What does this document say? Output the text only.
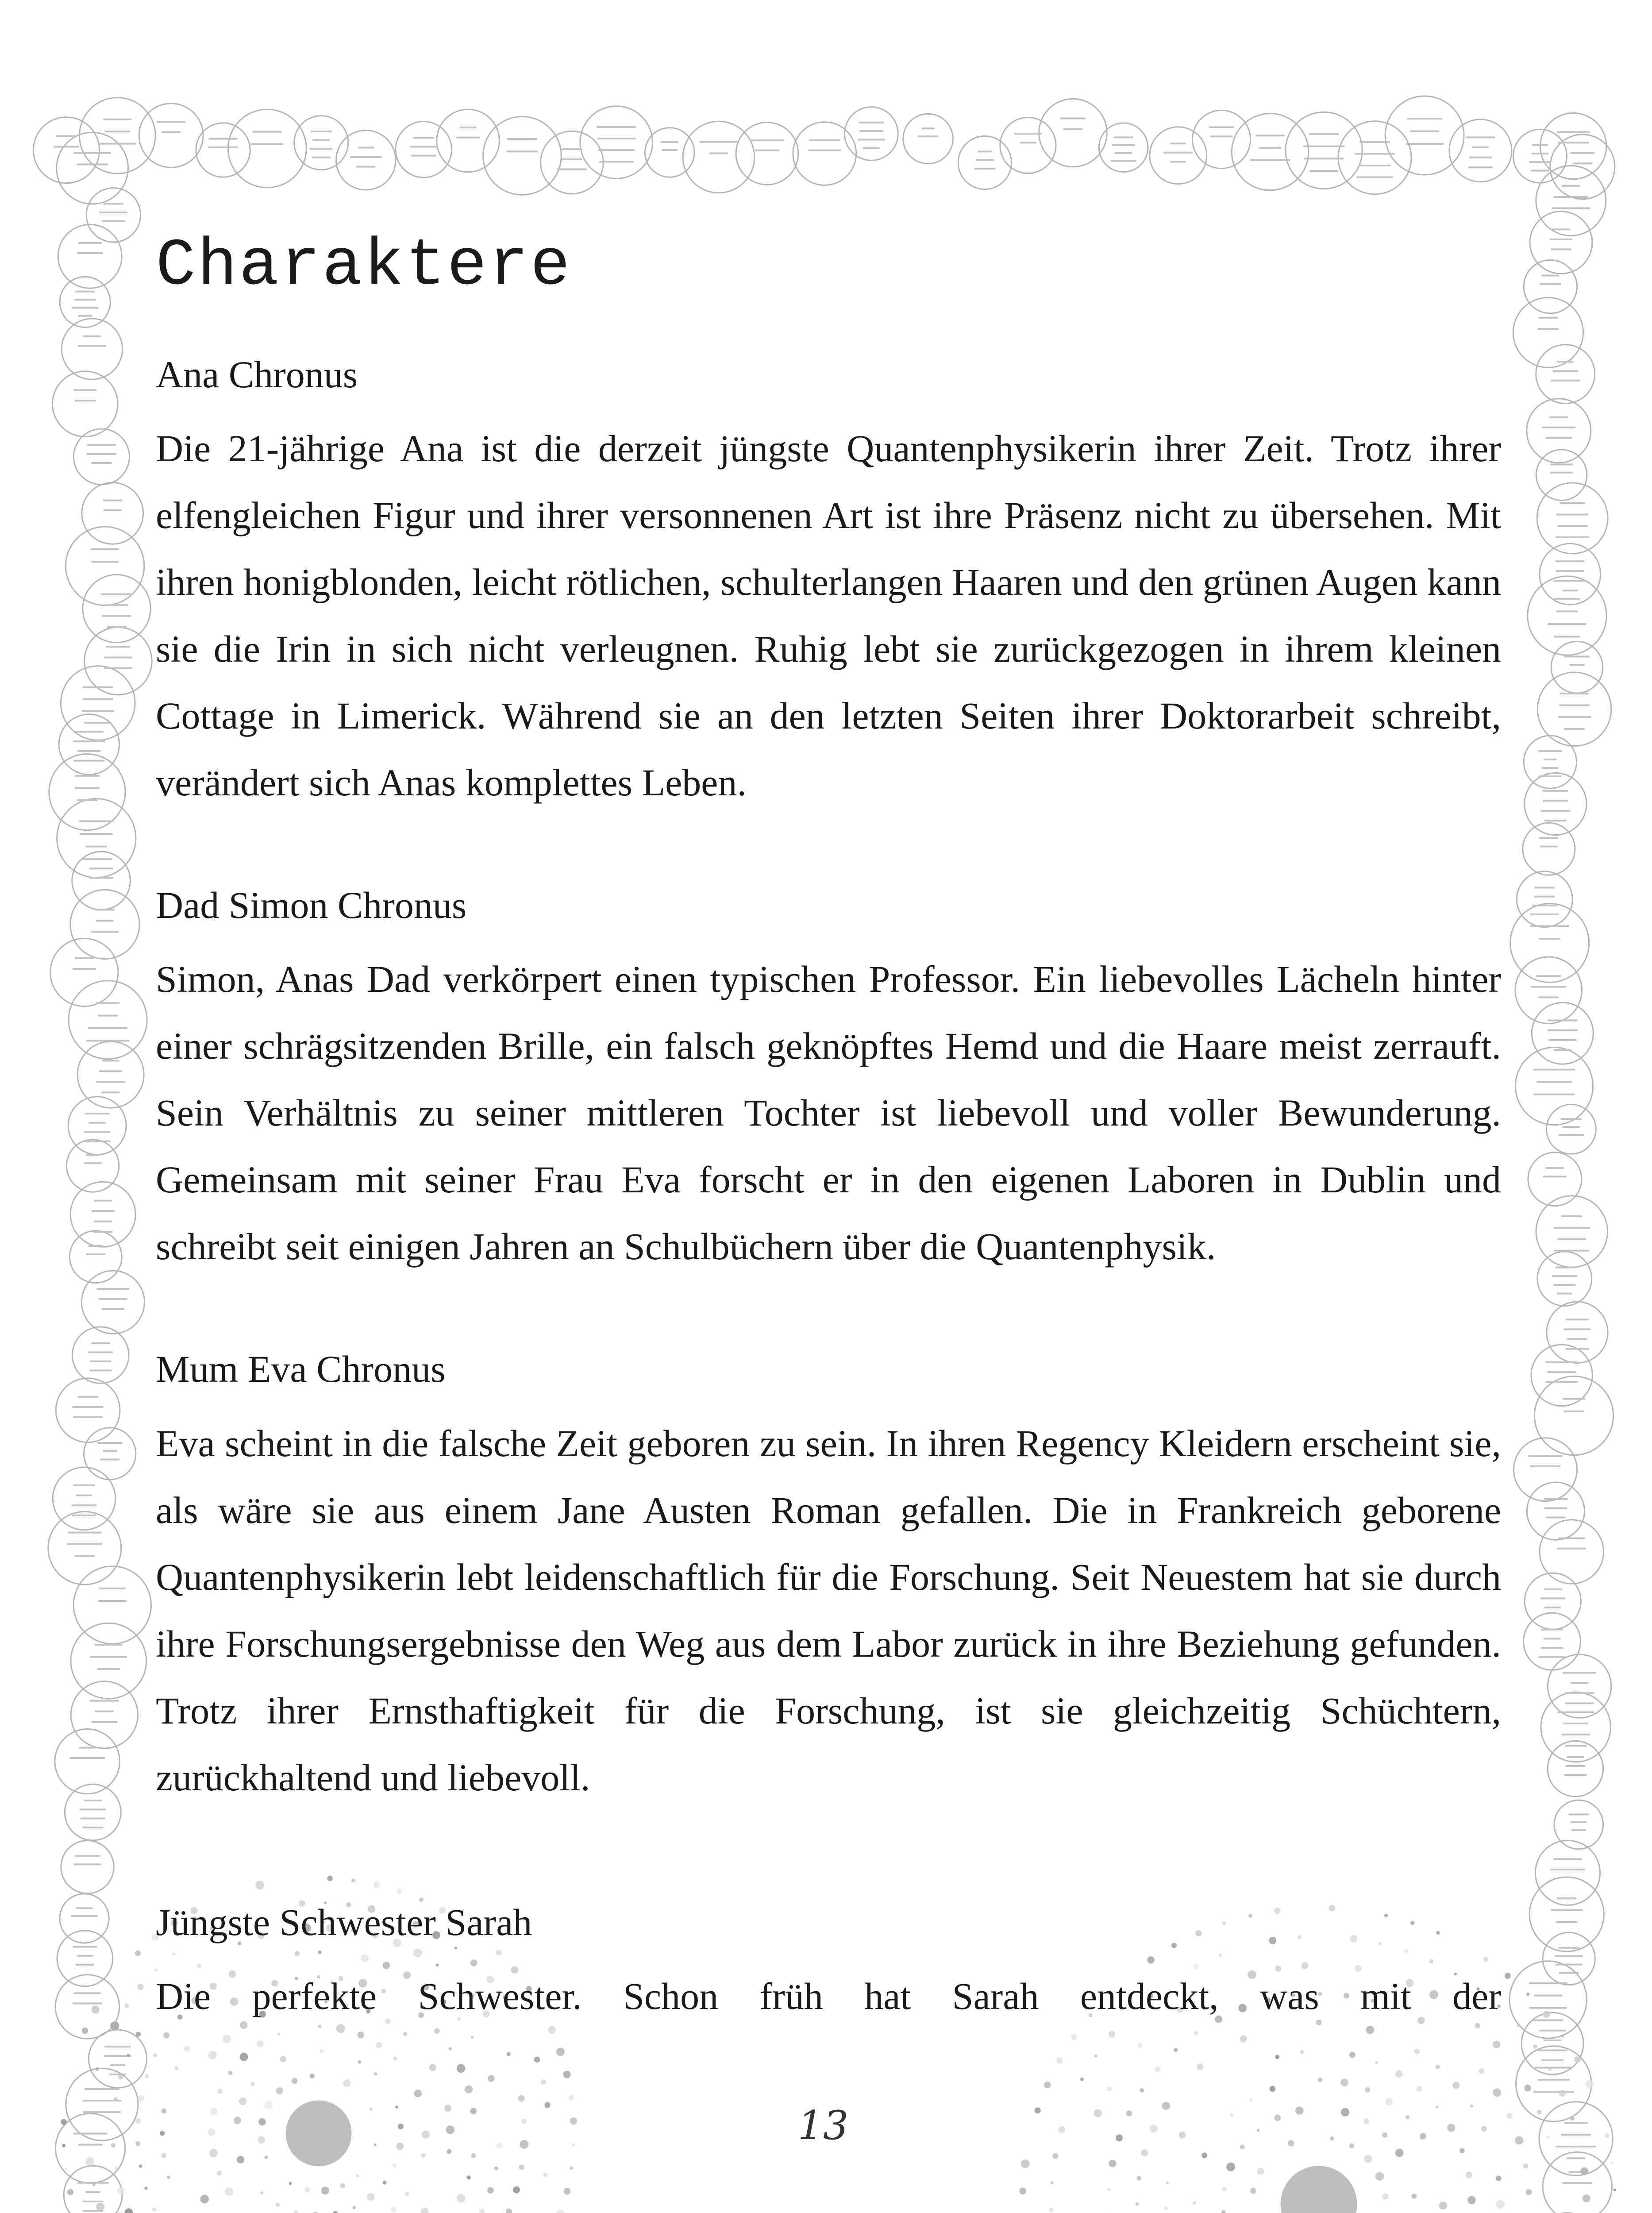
Charaktere

Ana Chronus

Die 21-jährige Ana ist die derzeit jüngste Quantenphysikerin ihrer Zeit. Trotz ihrer elfengleichen Figur und ihrer versonnenen Art ist ihre Präsenz nicht zu übersehen. Mit ihren honigblonden, leicht rötlichen, schulterlangen Haaren und den grünen Augen kann sie die Irin in sich nicht verleugnen. Ruhig lebt sie zurückgezogen in ihrem kleinen Cottage in Limerick. Während sie an den letzten Seiten ihrer Doktorarbeit schreibt, verändert sich Anas komplettes Leben.

Dad Simon Chronus

Simon, Anas Dad verkörpert einen typischen Professor. Ein liebevolles Lächeln hinter einer schrägsitzenden Brille, ein falsch geknöpftes Hemd und die Haare meist zerrauft. Sein Verhältnis zu seiner mittleren Tochter ist liebevoll und voller Bewunderung. Gemeinsam mit seiner Frau Eva forscht er in den eigenen Laboren in Dublin und schreibt seit einigen Jahren an Schulbüchern über die Quantenphysik.

Mum Eva Chronus

Eva scheint in die falsche Zeit geboren zu sein. In ihren Regency Kleidern erscheint sie, als wäre sie aus einem Jane Austen Roman gefallen. Die in Frankreich geborene Quantenphysikerin lebt leidenschaftlich für die Forschung. Seit Neuestem hat sie durch ihre Forschungsergebnisse den Weg aus dem Labor zurück in ihre Beziehung gefunden. Trotz ihrer Ernsthaftigkeit für die Forschung, ist sie gleichzeitig Schüchtern, zurückhaltend und liebevoll.

Jüngste Schwester Sarah

Die perfekte Schwester. Schon früh hat Sarah entdeckt, was mit der

13
